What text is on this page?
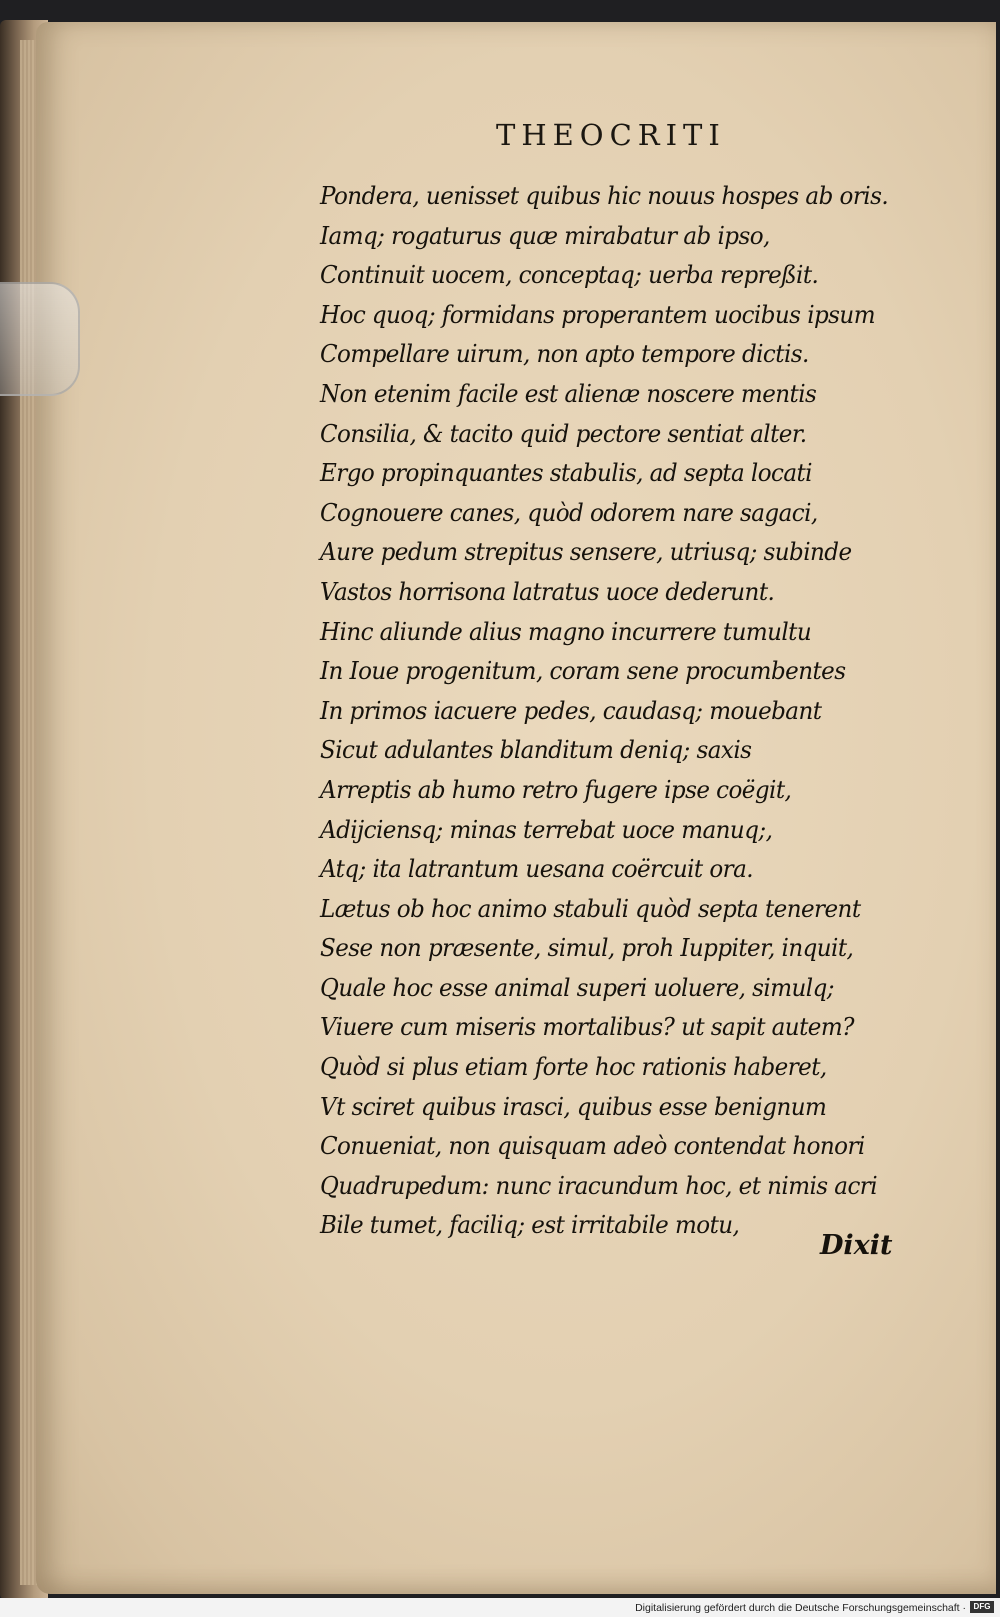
THEOCRITI
Pondera, uenisset quibus hic nouus hospes ab oris.
Iamq; rogaturus quæ mirabatur ab ipso,
Continuit uocem, conceptaq; uerba repreßit.
Hoc quoq; formidans properantem uocibus ipsum
Compellare uirum, non apto tempore dictis.
Non etenim facile est alienæ noscere mentis
Consilia, & tacito quid pectore sentiat alter.
Ergo propinquantes stabulis, ad septa locati
Cognouere canes, quòd odorem nare sagaci,
Aure pedum strepitus sensere, utriusq; subinde
Vastos horrisona latratus uoce dederunt.
Hinc aliunde alius magno incurrere tumultu
In Ioue progenitum, coram sene procumbentes
In primos iacuere pedes, caudasq; mouebant
Sicut adulantes blanditum deniq; saxis
Arreptis ab humo retro fugere ipse coëgit,
Adijciensq; minas terrebat uoce manuq;,
Atq; ita latrantum uesana coërcuit ora.
Lætus ob hoc animo stabuli quòd septa tenerent
Sese non præsente, simul, proh Iuppiter, inquit,
Quale hoc esse animal superi uoluere, simulq;
Viuere cum miseris mortalibus? ut sapit autem?
Quòd si plus etiam forte hoc rationis haberet,
Vt sciret quibus irasci, quibus esse benignum
Conueniat, non quisquam adeò contendat honori
Quadrupedum: nunc iracundum hoc, et nimis acri
Bile tumet, faciliq; est irritabile motu,
Dixit
Digitalisierung gefördert durch die Deutsche Forschungsgemeinschaft · DFG
